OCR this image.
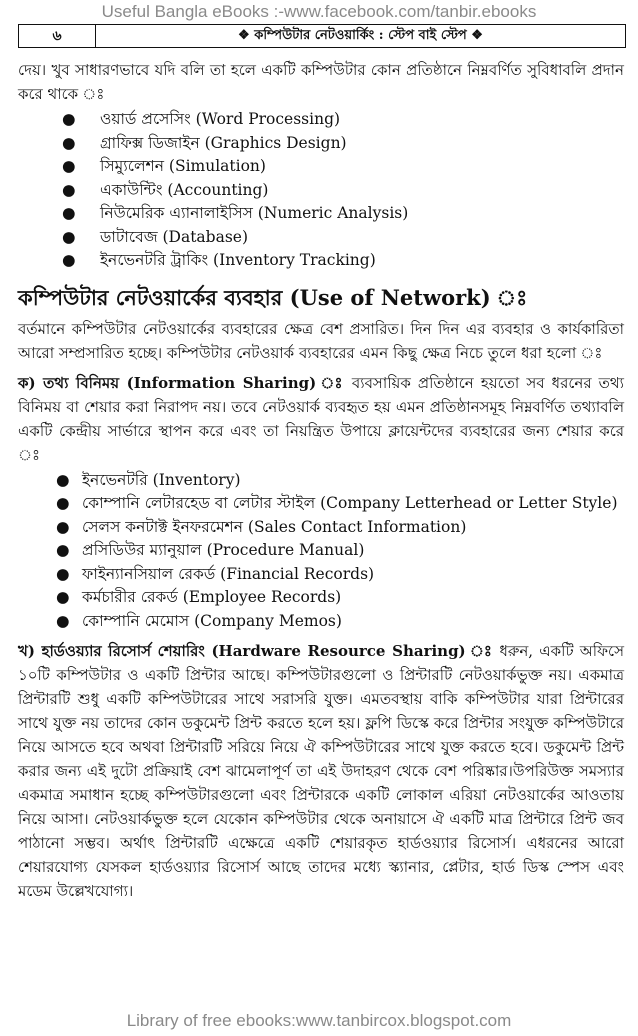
Useful Bangla eBooks :-www.facebook.com/tanbir.ebooks
৬	❖ কম্পিউটার নেটওয়ার্কিং : স্টেপ বাই স্টেপ ❖

দেয়। খুব সাধারণভাবে যদি বলি তা হলে একটি কম্পিউটার কোন প্রতিষ্ঠানে নিম্নবর্ণিত সুবিধাবলি প্রদান করে থাকে ঃ

● ওয়ার্ড প্রসেসিং (Word Processing)
● গ্রাফিক্স ডিজাইন (Graphics Design)
● সিম্যুলেশন (Simulation)
● একাউন্টিং (Accounting)
● নিউমেরিক এ্যানালাইসিস (Numeric Analysis)
● ডাটাবেজ (Database)
● ইনভেনটরি ট্রাকিং (Inventory Tracking)
কম্পিউটার নেটওয়ার্কের ব্যবহার (Use of Network) ঃ

বর্তমানে কম্পিউটার নেটওয়ার্কের ব্যবহারের ক্ষেত্র বেশ প্রসারিত। দিন দিন এর ব্যবহার ও কার্যকারিতা আরো সম্প্রসারিত হচ্ছে। কম্পিউটার নেটওয়ার্ক ব্যবহারের এমন কিছু ক্ষেত্র নিচে তুলে ধরা হলো ঃ

ক) তথ্য বিনিময় (Information Sharing) ঃ ব্যবসায়িক প্রতিষ্ঠানে হয়তো সব ধরনের তথ্য বিনিময় বা শেয়ার করা নিরাপদ নয়। তবে নেটওয়ার্ক ব্যবহৃত হয় এমন প্রতিষ্ঠানসমূহ নিম্নবর্ণিত তথ্যাবলি একটি কেন্দ্রীয় সার্ভারে স্থাপন করে এবং তা নিয়ন্ত্রিত উপায়ে ক্লায়েন্টদের ব্যবহারের জন্য শেয়ার করে ঃ

● ইনভেনটরি (Inventory)
● কোম্পানি লেটারহেড বা লেটার স্টাইল (Company Letterhead or Letter Style)
● সেলস কনটাক্ট ইনফরমেশন (Sales Contact Information)
● প্রসিডিউর ম্যানুয়াল (Procedure Manual)
● ফাইন্যানসিয়াল রেকর্ড (Financial Records)
● কর্মচারীর রেকর্ড (Employee Records)
● কোম্পানি মেমোস (Company Memos)

খ) হার্ডওয়্যার রিসোর্স শেয়ারিং (Hardware Resource Sharing) ঃ ধরুন, একটি অফিসে ১০টি কম্পিউটার ও একটি প্রিন্টার আছে। কম্পিউটারগুলো ও প্রিন্টারটি নেটওয়ার্কভুক্ত নয়। একমাত্র প্রিন্টারটি শুধু একটি কম্পিউটারের সাথে সরাসরি যুক্ত। এমতবস্থায় বাকি কম্পিউটার যারা প্রিন্টারের সাথে যুক্ত নয় তাদের কোন ডকুমেন্ট প্রিন্ট করতে হলে হয়। ফ্লপি ডিস্কে করে প্রিন্টার সংযুক্ত কম্পিউটারে নিয়ে আসতে হবে অথবা প্রিন্টারটি সরিয়ে নিয়ে ঐ কম্পিউটারের সাথে যুক্ত করতে হবে। ডকুমেন্ট প্রিন্ট করার জন্য এই দুটো প্রক্রিয়াই বেশ ঝামেলাপূর্ণ তা এই উদাহরণ থেকে বেশ পরিষ্কার।উপরিউক্ত সমস্যার একমাত্র সমাধান হচ্ছে কম্পিউটারগুলো এবং প্রিন্টারকে একটি লোকাল এরিয়া নেটওয়ার্কের আওতায় নিয়ে আসা। নেটওয়ার্কভুক্ত হলে যেকোন কম্পিউটার থেকে অনায়াসে ঐ একটি মাত্র প্রিন্টারে প্রিন্ট জব পাঠানো সম্ভব। অর্থাৎ প্রিন্টারটি এক্ষেত্রে একটি শেয়ারকৃত হার্ডওয়্যার রিসোর্স। এধরনের আরো শেয়ারযোগ্য যেসকল হার্ডওয়্যার রিসোর্স আছে তাদের মধ্যে স্ক্যানার, প্লেটার, হার্ড ডিস্ক স্পেস এবং মডেম উল্লেখযোগ্য।

Library of free ebooks:www.tanbircox.blogspot.com
